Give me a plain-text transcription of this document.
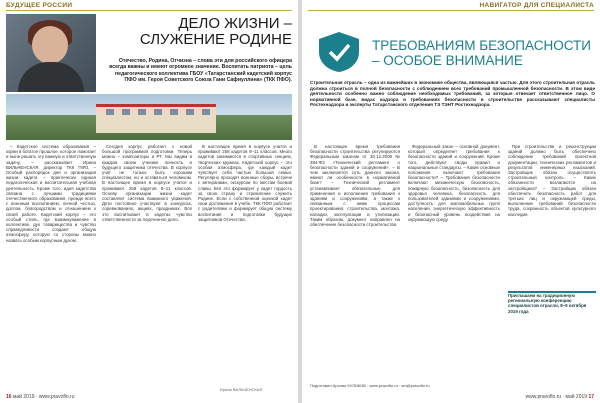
БУДУЩЕЕ РОССИИ
ДЕЛО ЖИЗНИ – СЛУЖЕНИЕ РОДИНЕ
Отечество, Родина, Отчизна – слова эти для российского офицера всегда важны и имеют огромное значение. Воспитать патриота – цель педагогического коллектива ГБОУ «Татарстанский кадетский корпус ПФО им. Героя Советского Союза Гани Сафиуллина» (ТКК ПФО).

– Кадетское система образования – корни в богатое прошлое, которое помогает и ныне решать эту важную и ответственную задачу, – рассказывает Ирина ВИЛЬЧЕНСКАЯ, директор ТКК ПФО. – Особый распорядок дня и организация жизни кадета – практически единая педагогическая и воспитательная учебная деятельность. Кроме того, идея кадетства связана с лучшими традициями отечественного образования, прежде всего с военным воспитанием, личной честью, долгом, благородством и отношением к своей работе. Кадетский корпус – это особый стиль, где взаимоуважение в коллективе, дух товарищества и чувство справедливости создают общую атмосферу, которую со стороны можно назвать особым корпусным духом.

Сегодня корпус работает с новой большой программой подготовки. Теперь можно – композиторы и РТ. Мы видим в каждом своем ученике личность и будущего защитника отечества. В корпусе учат не только быть хорошим специалистом, но и оставаться человеком. В настоящее время в корпусе учатся и проживают 258 кадетов 8–11 классов. Основу организации жизни кадет составляет система взаимного уважения. Дети постоянно участвуют в конкурсах, соревнованиях, акциях, праздниках. Всё это воспитывает в кадетах чувство ответственности за порученное дело.

В настоящее время в корпусе учатся и проживают 258 кадетов 8–11 классов. Много кадетов занимаются в спортивных секциях, творческих кружках. Кадетский корпус – это особая атмосфера, где каждый кадет чувствует себя частью большой семьи. Регулярно проходят военные сборы, встречи с ветеранами, экскурсии по местам боевой славы. Всё это формирует у кадет гордость за свою страну и стремление служить Родине. Если с собственной оценкой кадет свои достижения в учебе, ТКК ПФО работает с родителями и формирует общую систему воспитания и подготовки будущих защитников Отечества.

Ирина ВИЛЬЧЕНСКАЯ
16 май 2019 · www.pravoflo.ru
НАВИГАТОР ДЛЯ СПЕЦИАЛИСТА
ТРЕБОВАНИЯМ БЕЗОПАСНОСТИ – ОСОБОЕ ВНИМАНИЕ
Строительная отрасль – одна из важнейших в экономике общества, являющаяся частью. Для этого строительная отрасль должна строиться в полной безопасности с соблюдением всех требований промышленной безопасности. В этом виде деятельности особенно важно соблюдение необходимых требований, за которые отвечает ответственное лицо. О нормативной базе, видах надзора и требованиях безопасности в строительстве рассказывают специалисты Ростехнадзора и эксперты Татарстанского отделения ТЭ ТЭНТ Ростехнадзора.

В настоящее время требования безопасности строительства регулируются Федеральным законом от 30.12.2009 № 384-ФЗ «Технический регламент о безопасности зданий и сооружений». – В чем заключается суть данного закона, имеют ли особенности в нормативной базе? – Технический регламент устанавливает обязательные для применения и исполнения требования к зданиям и сооружениям, а также к связанным с ними процессам проектирования, строительства, монтажа, наладки, эксплуатации и утилизации. Таким образом, документ направлен на обеспечение безопасности строительства.

Федеральный закон – основной документ, который определяет требования к безопасности зданий и сооружений. Кроме того, действуют своды правил и национальные стандарты. – Какие основные положения включают требования безопасности? – Требования безопасности включают механическую безопасность, пожарную безопасность, безопасность для здоровья человека, безопасность для пользователей зданиями и сооружениями, доступность для маломобильных групп населения, энергетическую эффективность и безопасный уровень воздействия на окружающую среду.

При строительстве и реконструкции зданий должно быть обеспечено соблюдение требований проектной документации, технических регламентов и результатов инженерных изысканий. Застройщик обязан осуществлять строительный контроль. – Какие обязанности возлагаются на застройщика? – Застройщик обязан обеспечить безопасность работ для третьих лиц и окружающей среды, выполнение требований безопасности труда, сохранность объектов культурного наследия.

Приглашаем на традиционную региональную конференцию специалистов отрасли, 8–9 октября 2019 года
Подготовил Арслан КУЛИКОВ · www.pravoflo.ru · sm@pravoflo.ru
www.pravoflo.ru · май 2019 17
